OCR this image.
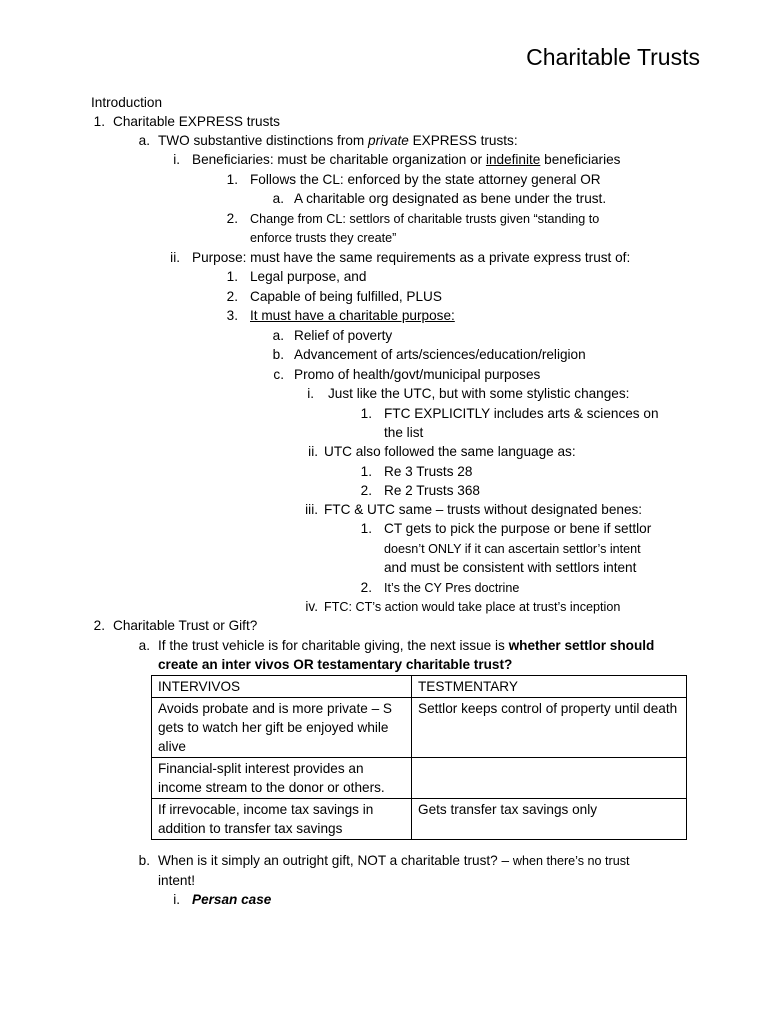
Charitable Trusts
Introduction
1. Charitable EXPRESS trusts
a. TWO substantive distinctions from private EXPRESS trusts:
i. Beneficiaries: must be charitable organization or indefinite beneficiaries
1. Follows the CL: enforced by the state attorney general OR
a. A charitable org designated as bene under the trust.
2. Change from CL: settlors of charitable trusts given “standing to
enforce trusts they create”
ii. Purpose: must have the same requirements as a private express trust of:
1. Legal purpose, and
2. Capable of being fulfilled, PLUS
3. It must have a charitable purpose:
a. Relief of poverty
b. Advancement of arts/sciences/education/religion
c. Promo of health/govt/municipal purposes
i. Just like the UTC, but with some stylistic changes:
1. FTC EXPLICITLY includes arts & sciences on
the list
ii. UTC also followed the same language as:
1. Re 3 Trusts 28
2. Re 2 Trusts 368
iii. FTC & UTC same – trusts without designated benes:
1. CT gets to pick the purpose or bene if settlor
doesn’t ONLY if it can ascertain settlor’s intent
and must be consistent with settlors intent
2. It’s the CY Pres doctrine
iv. FTC: CT’s action would take place at trust’s inception
2. Charitable Trust or Gift?
a. If the trust vehicle is for charitable giving, the next issue is whether settlor should
create an inter vivos OR testamentary charitable trust?
INTERVIVOS	TESTMENTARY
Avoids probate and is more private – S gets to watch her gift be enjoyed while alive	Settlor keeps control of property until death
Financial-split interest provides an income stream to the donor or others.	
If irrevocable, income tax savings in addition to transfer tax savings	Gets transfer tax savings only
b. When is it simply an outright gift, NOT a charitable trust? – when there’s no trust
intent!
i. Persan case
